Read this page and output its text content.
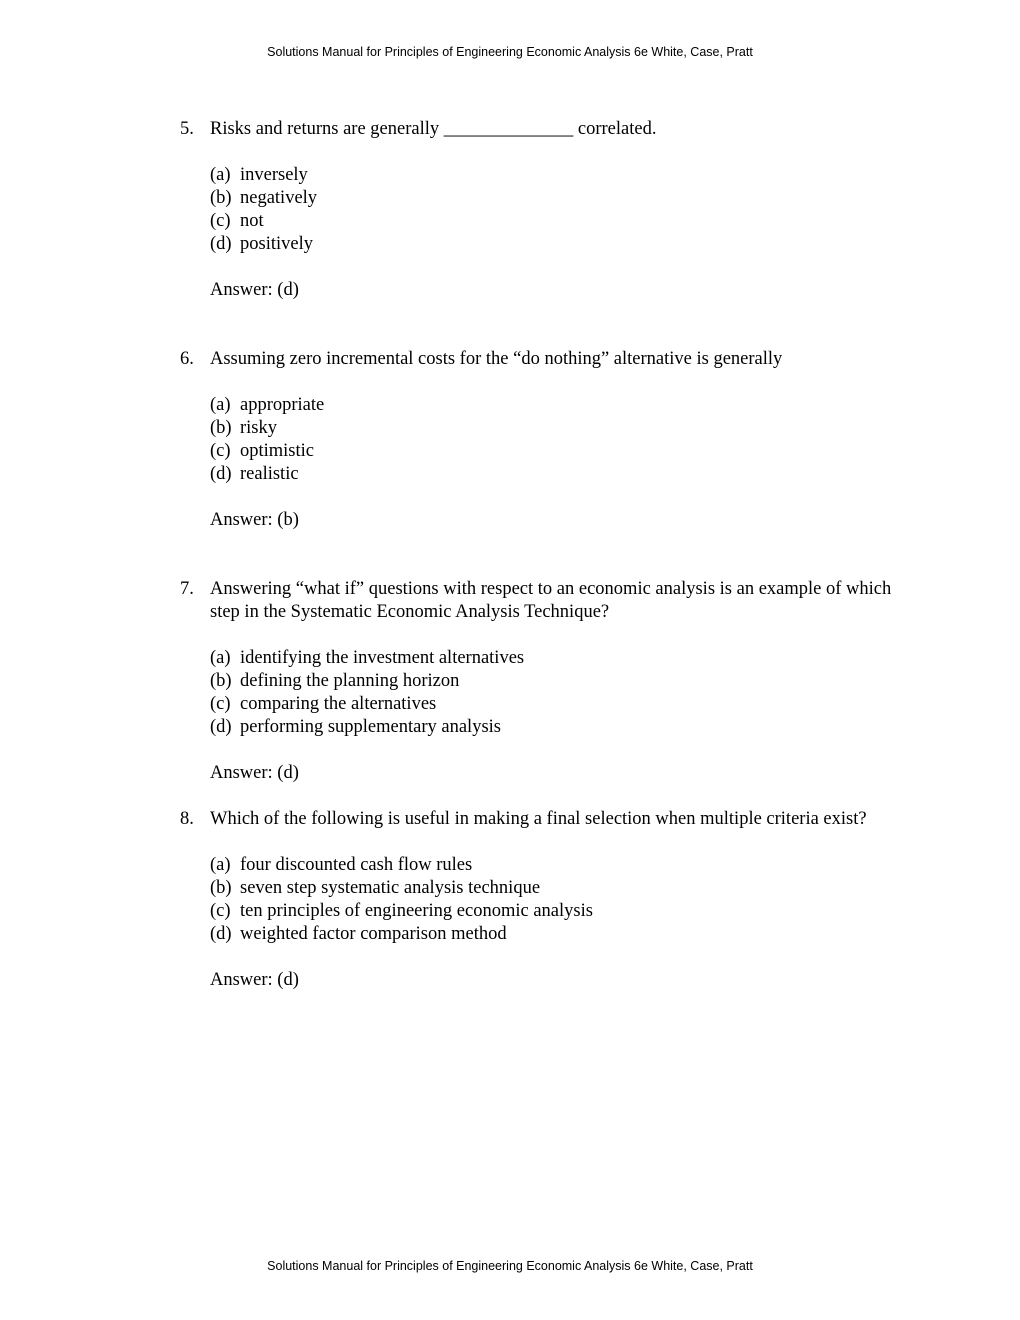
Solutions Manual for Principles of Engineering Economic Analysis 6e White, Case, Pratt
5. Risks and returns are generally ______________ correlated.

(a) inversely
(b) negatively
(c) not
(d) positively

Answer: (d)

6. Assuming zero incremental costs for the “do nothing” alternative is generally

(a) appropriate
(b) risky
(c) optimistic
(d) realistic

Answer: (b)

7. Answering “what if” questions with respect to an economic analysis is an example of which step in the Systematic Economic Analysis Technique?

(a) identifying the investment alternatives
(b) defining the planning horizon
(c) comparing the alternatives
(d) performing supplementary analysis

Answer: (d)

8. Which of the following is useful in making a final selection when multiple criteria exist?

(a) four discounted cash flow rules
(b) seven step systematic analysis technique
(c) ten principles of engineering economic analysis
(d) weighted factor comparison method

Answer: (d)

Solutions Manual for Principles of Engineering Economic Analysis 6e White, Case, Pratt
